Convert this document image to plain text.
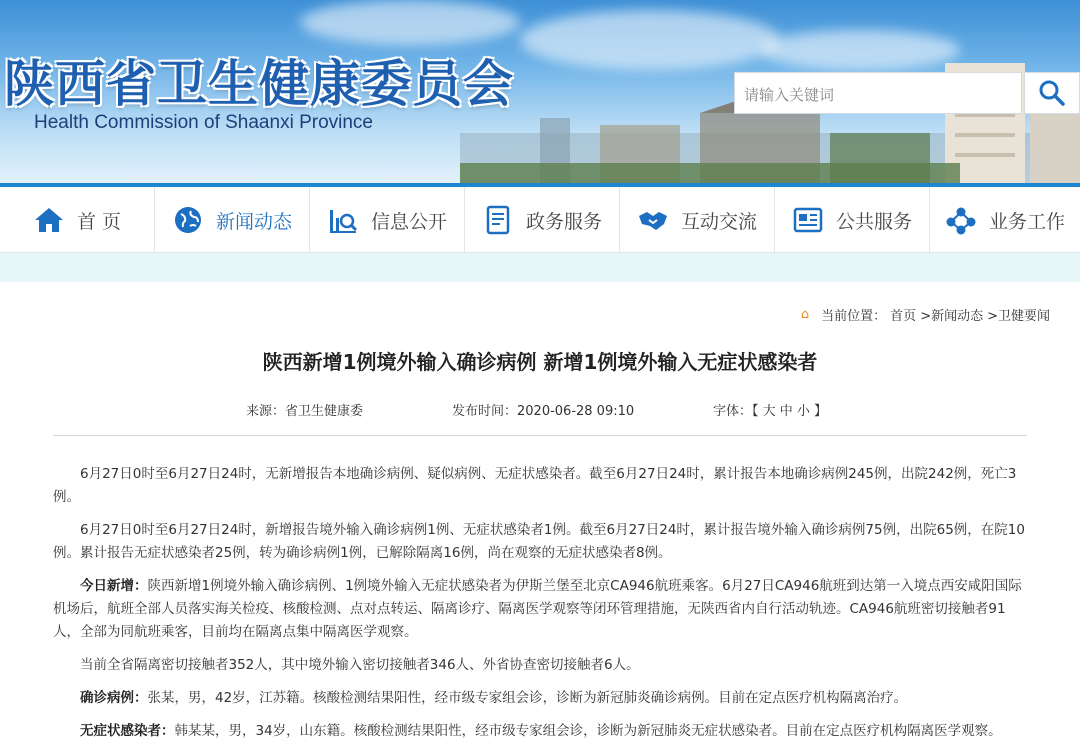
陕西省卫生健康委员会
Health Commission of Shaanxi Province
请输入关键词
首 页	新闻动态	信息公开	政务服务	互动交流	公共服务	业务工作
⌂ 当前位置： 首页 >新闻动态 >卫健要闻
陕西新增1例境外输入确诊病例 新增1例境外输入无症状感染者
来源：省卫生健康委	发布时间：2020-06-28 09:10	字体：【 大 中 小 】

6月27日0时至6月27日24时，无新增报告本地确诊病例、疑似病例、无症状感染者。截至6月27日24时，累计报告本地确诊病例245例，出院242例，死亡3例。

6月27日0时至6月27日24时，新增报告境外输入确诊病例1例、无症状感染者1例。截至6月27日24时，累计报告境外输入确诊病例75例，出院65例，在院10例。累计报告无症状感染者25例，转为确诊病例1例，已解除隔离16例，尚在观察的无症状感染者8例。

今日新增：陕西新增1例境外输入确诊病例、1例境外输入无症状感染者为伊斯兰堡至北京CA946航班乘客。6月27日CA946航班到达第一入境点西安咸阳国际机场后，航班全部人员落实海关检疫、核酸检测、点对点转运、隔离诊疗、隔离医学观察等闭环管理措施，无陕西省内自行活动轨迹。CA946航班密切接触者91人，全部为同航班乘客，目前均在隔离点集中隔离医学观察。

当前全省隔离密切接触者352人，其中境外输入密切接触者346人、外省协查密切接触者6人。

确诊病例：张某，男，42岁，江苏籍。核酸检测结果阳性，经市级专家组会诊，诊断为新冠肺炎确诊病例。目前在定点医疗机构隔离治疗。

无症状感染者：韩某某，男，34岁，山东籍。核酸检测结果阳性，经市级专家组会诊，诊断为新冠肺炎无症状感染者。目前在定点医疗机构隔离医学观察。
